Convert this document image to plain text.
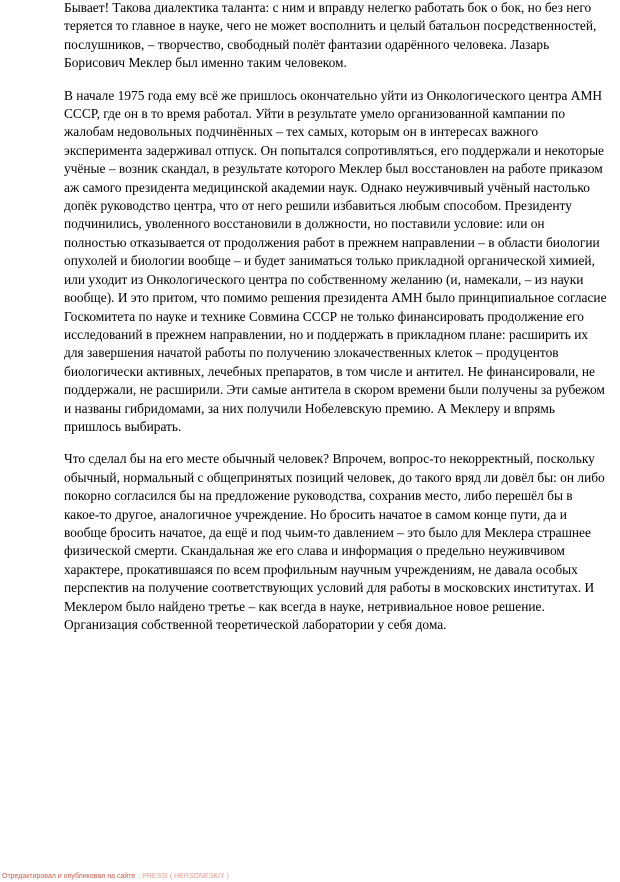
Бывает! Такова диалектика таланта: с ним и вправду нелегко работать бок о бок, но без него теряется то главное в науке, чего не может восполнить и целый батальон посредственностей, послушников, – творчество, свободный полёт фантазии одарённого человека. Лазарь Борисович Меклер был именно таким человеком.

В начале 1975 года ему всё же пришлось окончательно уйти из Онкологического центра АМН СССР, где он в то время работал. Уйти в результате умело организованной кампании по жалобам недовольных подчинённых – тех самых, которым он в интересах важного эксперимента задерживал отпуск. Он попытался сопротивляться, его поддержали и некоторые учёные – возник скандал, в результате которого Меклер был восстановлен на работе приказом аж самого президента медицинской академии наук. Однако неуживчивый учёный настолько допёк руководство центра, что от него решили избавиться любым способом. Президенту подчинились, уволенного восстановили в должности, но поставили условие: или он полностью отказывается от продолжения работ в прежнем направлении – в области биологии опухолей и биологии вообще – и будет заниматься только прикладной органической химией, или уходит из Онкологического центра по собственному желанию (и, намекали, – из науки вообще). И это притом, что помимо решения президента АМН было принципиальное согласие Госкомитета по науке и технике Совмина СССР не только финансировать продолжение его исследований в прежнем направлении, но и поддержать в прикладном плане: расширить их для завершения начатой работы по получению злокачественных клеток – продуцентов биологически активных, лечебных препаратов, в том числе и антител. Не финансировали, не поддержали, не расширили. Эти самые антитела в скором времени были получены за рубежом и названы гибридомами, за них получили Нобелевскую премию. А Меклеру и впрямь пришлось выбирать.

Что сделал бы на его месте обычный человек? Впрочем, вопрос-то некорректный, поскольку обычный, нормальный с общепринятых позиций человек, до такого вряд ли довёл бы: он либо покорно согласился бы на предложение руководства, сохранив место, либо перешёл бы в какое-то другое, аналогичное учреждение. Но бросить начатое в самом конце пути, да и вообще бросить начатое, да ещё и под чьим-то давлением – это было для Меклера страшнее физической смерти. Скандальная же его слава и информация о предельно неуживчивом характере, прокатившаяся по всем профильным научным учреждениям, не давала особых перспектив на получение соответствующих условий для работы в московских институтах. И Меклером было найдено третье – как всегда в науке, нетривиальное новое решение. Организация собственной теоретической лаборатории у себя дома.

Отредактировал и опубликовал на сайте : PRESSI ( HERSONESKIY )
